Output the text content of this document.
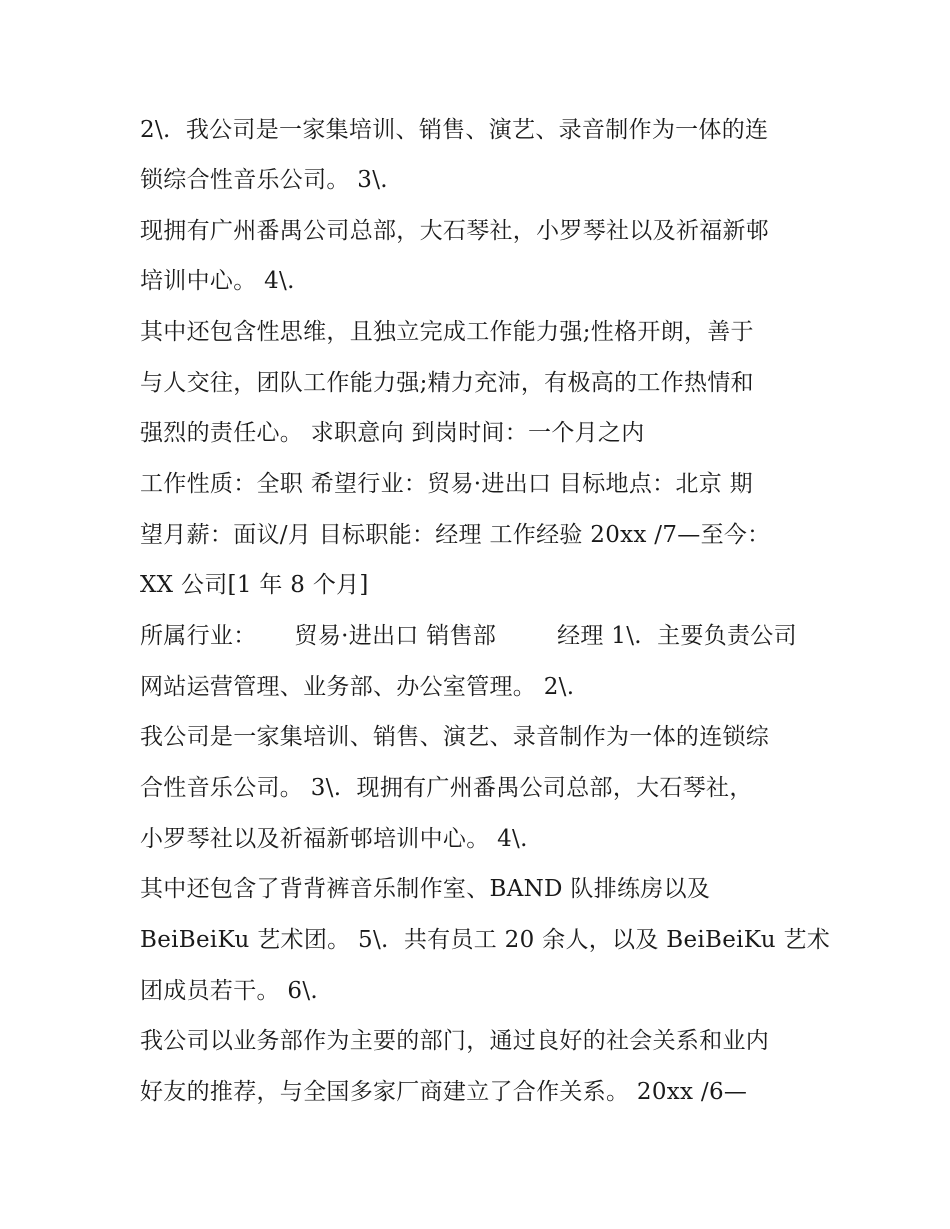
2\.  我公司是一家集培训、销售、演艺、录音制作为一体的连
锁综合性音乐公司。 3\.
现拥有广州番禺公司总部，大石琴社，小罗琴社以及祈福新邨
培训中心。 4\.
其中还包含性思维，且独立完成工作能力强;性格开朗，善于
与人交往，团队工作能力强;精力充沛，有极高的工作热情和
强烈的责任心。 求职意向 到岗时间：一个月之内
工作性质：全职 希望行业：贸易·进出口 目标地点：北京 期
望月薪：面议/月 目标职能：经理 工作经验 20xx /7—至今：
XX 公司[1 年 8 个月]
所属行业：     贸易·进出口 销售部        经理 1\.  主要负责公司
网站运营管理、业务部、办公室管理。 2\.
我公司是一家集培训、销售、演艺、录音制作为一体的连锁综
合性音乐公司。 3\.  现拥有广州番禺公司总部，大石琴社，
小罗琴社以及祈福新邨培训中心。 4\.
其中还包含了背背裤音乐制作室、BAND 队排练房以及
BeiBeiKu 艺术团。 5\.  共有员工 20 余人，以及 BeiBeiKu 艺术
团成员若干。 6\.
我公司以业务部作为主要的部门，通过良好的社会关系和业内
好友的推荐，与全国多家厂商建立了合作关系。 20xx /6—
